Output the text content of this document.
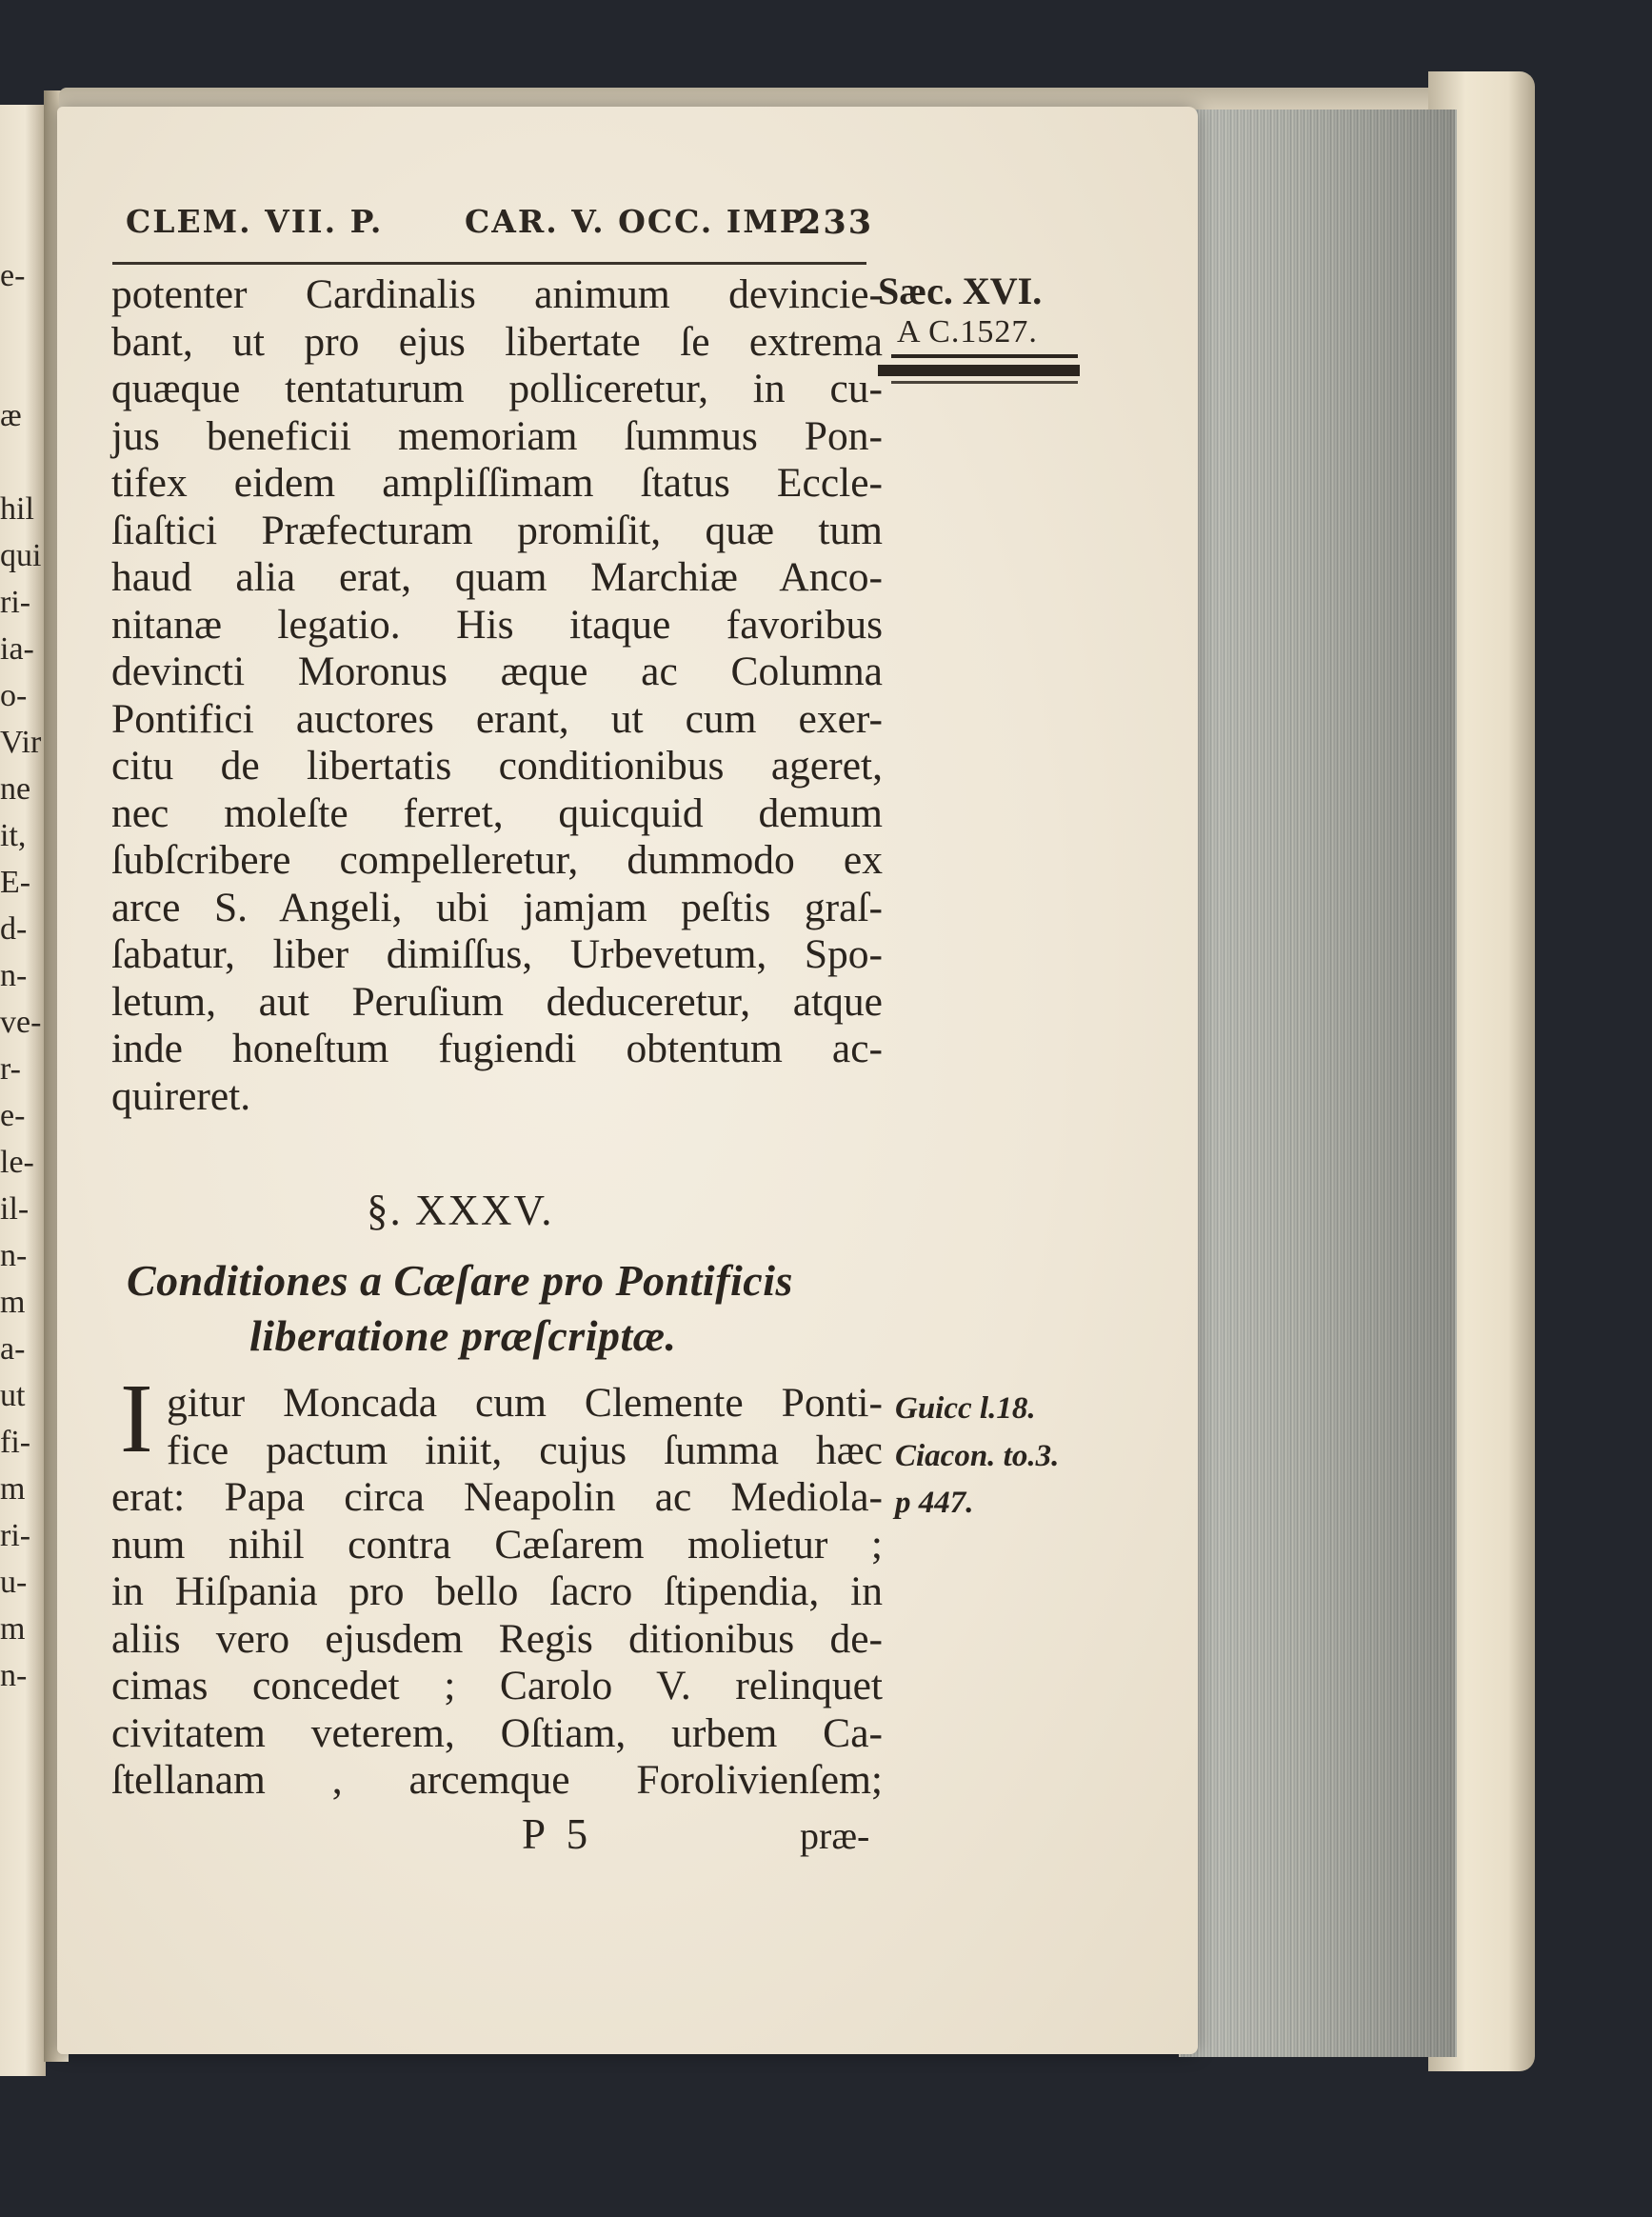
e-
æ
hil
qui
ri-
ia-
o-
Vir
ne
it,
E-
d-
n-
ve-
r-
e-
le-
il-
n-
m
a-
ut
fi-
m
ri-
u-
m
n-
CLEM. VII. P.	CAR. V. OCC. IMP.
233
Sæc. XVI.
A C.1527.
potenter Cardinalis animum devincie-
bant, ut pro ejus libertate ſe extrema
quæque tentaturum polliceretur, in cu-
jus beneficii memoriam ſummus Pon-
tifex eidem ampliſſimam ſtatus Eccle-
ſiaſtici Præfecturam promiſit, quæ tum
haud alia erat, quam Marchiæ Anco-
nitanæ legatio. His itaque favoribus
devincti Moronus æque ac Columna
Pontifici auctores erant, ut cum exer-
citu de libertatis conditionibus ageret,
nec moleſte ferret, quicquid demum
ſubſcribere compelleretur, dummodo ex
arce S. Angeli, ubi jamjam peſtis graſ-
ſabatur, liber dimiſſus, Urbevetum, Spo-
letum, aut Peruſium deduceretur, atque
inde honeſtum fugiendi obtentum ac-
quireret.
§. XXXV.
Conditiones a Cæſare pro Pontificis
liberatione præſcriptæ.
I gitur Moncada cum Clemente Ponti-
fice pactum iniit, cujus ſumma hæc
erat: Papa circa Neapolin ac Mediola-
num nihil contra Cæſarem molietur ;
in Hiſpania pro bello ſacro ſtipendia, in
aliis vero ejusdem Regis ditionibus de-
cimas concedet ; Carolo V. relinquet
civitatem veterem, Oſtiam, urbem Ca-
ſtellanam , arcemque Forolivienſem;
Guicc l.18.
Ciacon. to.3.
p 447.
P 5	præ-
